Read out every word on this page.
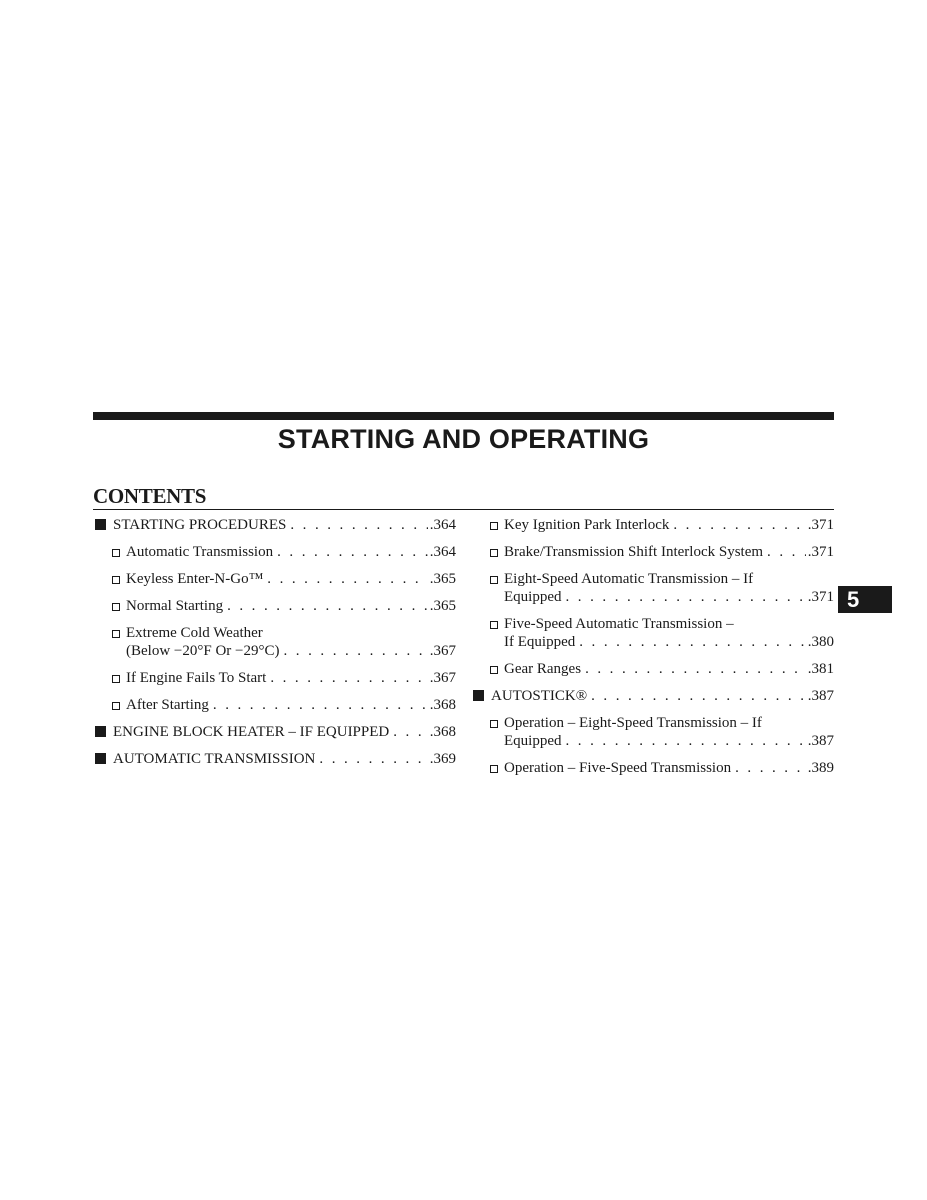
STARTING AND OPERATING
CONTENTS
STARTING PROCEDURES . . .	.364
Automatic Transmission . . .	.364
Keyless Enter-N-Go™ . . .	.365
Normal Starting . . .	.365
Extreme Cold Weather
(Below −20°F Or −29°C) . . .	.367
If Engine Fails To Start . . .	.367
After Starting . . .	.368
ENGINE BLOCK HEATER – IF EQUIPPED . . .	.368
AUTOMATIC TRANSMISSION . . .	.369
Key Ignition Park Interlock . . .	.371
Brake/Transmission Shift Interlock System . . .	.371
Eight-Speed Automatic Transmission – If
Equipped . . .	.371
Five-Speed Automatic Transmission –
If Equipped . . .	.380
Gear Ranges . . .	.381
AUTOSTICK® . . .	.387
Operation – Eight-Speed Transmission – If
Equipped . . .	.387
Operation – Five-Speed Transmission . . .	.389
5
